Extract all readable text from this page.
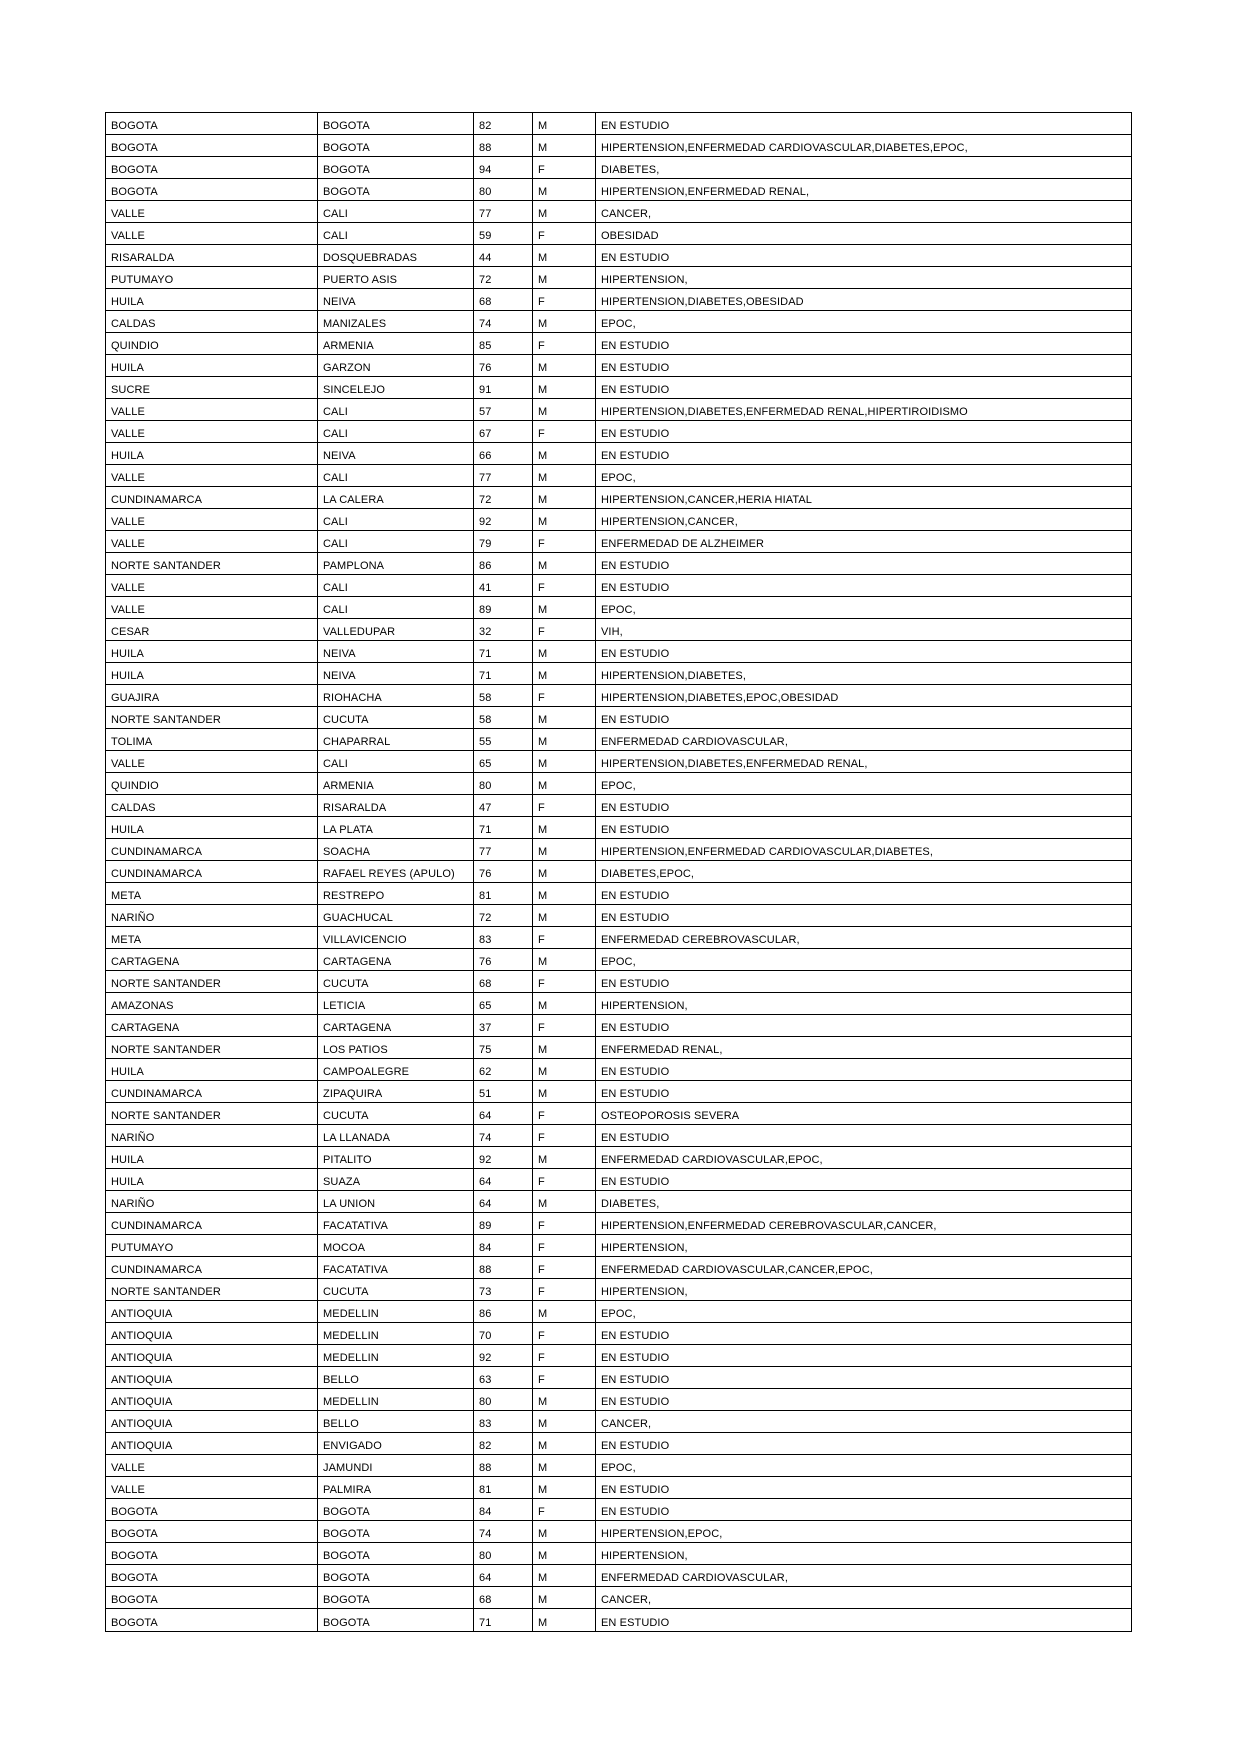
BOGOTA	BOGOTA	82	M	EN ESTUDIO
BOGOTA	BOGOTA	88	M	HIPERTENSION,ENFERMEDAD CARDIOVASCULAR,DIABETES,EPOC,
BOGOTA	BOGOTA	94	F	DIABETES,
BOGOTA	BOGOTA	80	M	HIPERTENSION,ENFERMEDAD RENAL,
VALLE	CALI	77	M	CANCER,
VALLE	CALI	59	F	OBESIDAD
RISARALDA	DOSQUEBRADAS	44	M	EN ESTUDIO
PUTUMAYO	PUERTO ASIS	72	M	HIPERTENSION,
HUILA	NEIVA	68	F	HIPERTENSION,DIABETES,OBESIDAD
CALDAS	MANIZALES	74	M	EPOC,
QUINDIO	ARMENIA	85	F	EN ESTUDIO
HUILA	GARZON	76	M	EN ESTUDIO
SUCRE	SINCELEJO	91	M	EN ESTUDIO
VALLE	CALI	57	M	HIPERTENSION,DIABETES,ENFERMEDAD RENAL,HIPERTIROIDISMO
VALLE	CALI	67	F	EN ESTUDIO
HUILA	NEIVA	66	M	EN ESTUDIO
VALLE	CALI	77	M	EPOC,
CUNDINAMARCA	LA CALERA	72	M	HIPERTENSION,CANCER,HERIA HIATAL
VALLE	CALI	92	M	HIPERTENSION,CANCER,
VALLE	CALI	79	F	ENFERMEDAD DE ALZHEIMER
NORTE SANTANDER	PAMPLONA	86	M	EN ESTUDIO
VALLE	CALI	41	F	EN ESTUDIO
VALLE	CALI	89	M	EPOC,
CESAR	VALLEDUPAR	32	F	VIH,
HUILA	NEIVA	71	M	EN ESTUDIO
HUILA	NEIVA	71	M	HIPERTENSION,DIABETES,
GUAJIRA	RIOHACHA	58	F	HIPERTENSION,DIABETES,EPOC,OBESIDAD
NORTE SANTANDER	CUCUTA	58	M	EN ESTUDIO
TOLIMA	CHAPARRAL	55	M	ENFERMEDAD CARDIOVASCULAR,
VALLE	CALI	65	M	HIPERTENSION,DIABETES,ENFERMEDAD RENAL,
QUINDIO	ARMENIA	80	M	EPOC,
CALDAS	RISARALDA	47	F	EN ESTUDIO
HUILA	LA PLATA	71	M	EN ESTUDIO
CUNDINAMARCA	SOACHA	77	M	HIPERTENSION,ENFERMEDAD CARDIOVASCULAR,DIABETES,
CUNDINAMARCA	RAFAEL REYES (APULO)	76	M	DIABETES,EPOC,
META	RESTREPO	81	M	EN ESTUDIO
NARIÑO	GUACHUCAL	72	M	EN ESTUDIO
META	VILLAVICENCIO	83	F	ENFERMEDAD CEREBROVASCULAR,
CARTAGENA	CARTAGENA	76	M	EPOC,
NORTE SANTANDER	CUCUTA	68	F	EN ESTUDIO
AMAZONAS	LETICIA	65	M	HIPERTENSION,
CARTAGENA	CARTAGENA	37	F	EN ESTUDIO
NORTE SANTANDER	LOS PATIOS	75	M	ENFERMEDAD RENAL,
HUILA	CAMPOALEGRE	62	M	EN ESTUDIO
CUNDINAMARCA	ZIPAQUIRA	51	M	EN ESTUDIO
NORTE SANTANDER	CUCUTA	64	F	OSTEOPOROSIS SEVERA
NARIÑO	LA LLANADA	74	F	EN ESTUDIO
HUILA	PITALITO	92	M	ENFERMEDAD CARDIOVASCULAR,EPOC,
HUILA	SUAZA	64	F	EN ESTUDIO
NARIÑO	LA UNION	64	M	DIABETES,
CUNDINAMARCA	FACATATIVA	89	F	HIPERTENSION,ENFERMEDAD CEREBROVASCULAR,CANCER,
PUTUMAYO	MOCOA	84	F	HIPERTENSION,
CUNDINAMARCA	FACATATIVA	88	F	ENFERMEDAD CARDIOVASCULAR,CANCER,EPOC,
NORTE SANTANDER	CUCUTA	73	F	HIPERTENSION,
ANTIOQUIA	MEDELLIN	86	M	EPOC,
ANTIOQUIA	MEDELLIN	70	F	EN ESTUDIO
ANTIOQUIA	MEDELLIN	92	F	EN ESTUDIO
ANTIOQUIA	BELLO	63	F	EN ESTUDIO
ANTIOQUIA	MEDELLIN	80	M	EN ESTUDIO
ANTIOQUIA	BELLO	83	M	CANCER,
ANTIOQUIA	ENVIGADO	82	M	EN ESTUDIO
VALLE	JAMUNDI	88	M	EPOC,
VALLE	PALMIRA	81	M	EN ESTUDIO
BOGOTA	BOGOTA	84	F	EN ESTUDIO
BOGOTA	BOGOTA	74	M	HIPERTENSION,EPOC,
BOGOTA	BOGOTA	80	M	HIPERTENSION,
BOGOTA	BOGOTA	64	M	ENFERMEDAD CARDIOVASCULAR,
BOGOTA	BOGOTA	68	M	CANCER,
BOGOTA	BOGOTA	71	M	EN ESTUDIO
